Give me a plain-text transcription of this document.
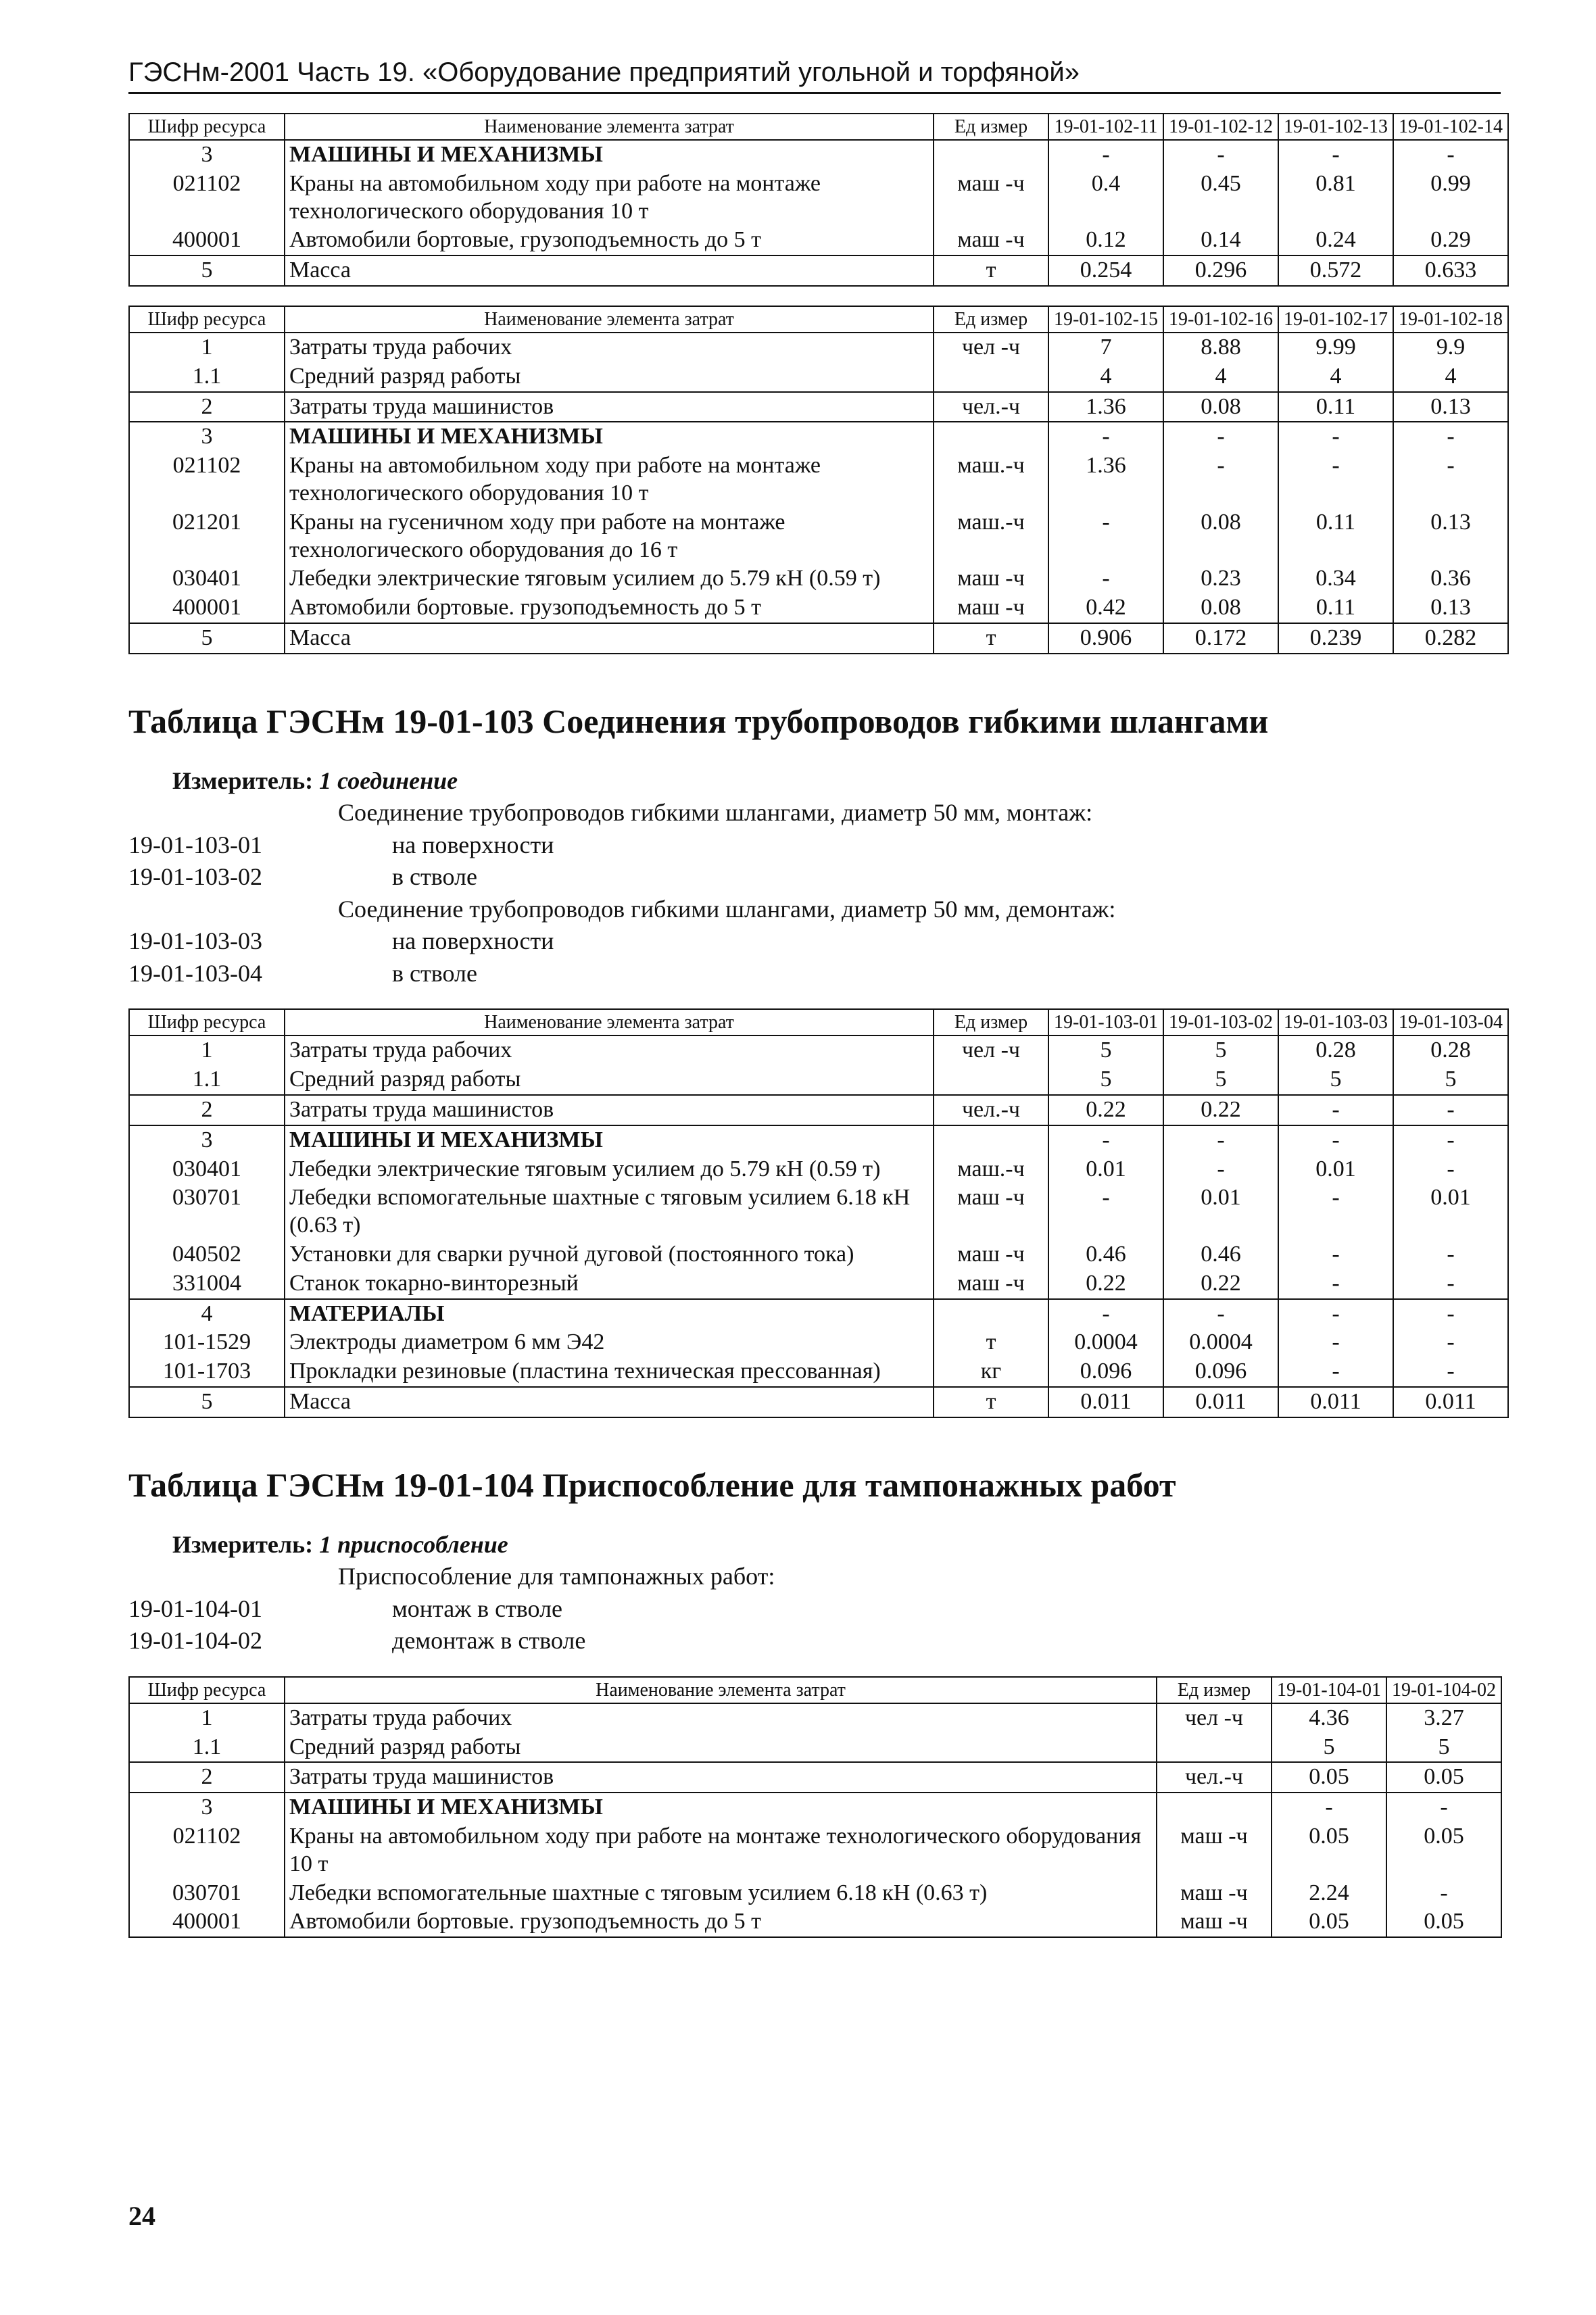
ГЭСНм-2001 Часть 19. «Оборудование предприятий угольной и торфяной»
Шифр ресурса	Наименование элемента затрат	Ед измер	19-01-102-11	19-01-102-12	19-01-102-13	19-01-102-14
3	МАШИНЫ И МЕХАНИЗМЫ		-	-	-	-
021102	Краны на автомобильном ходу при работе на монтаже технологического оборудования 10 т	маш -ч	0.4	0.45	0.81	0.99
400001	Автомобили бортовые, грузоподъемность до 5 т	маш -ч	0.12	0.14	0.24	0.29
5	Масса	т	0.254	0.296	0.572	0.633
Шифр ресурса	Наименование элемента затрат	Ед измер	19-01-102-15	19-01-102-16	19-01-102-17	19-01-102-18
1	Затраты труда рабочих	чел -ч	7	8.88	9.99	9.9
1.1	Средний разряд работы		4	4	4	4
2	Затраты труда машинистов	чел.-ч	1.36	0.08	0.11	0.13
3	МАШИНЫ И МЕХАНИЗМЫ		-	-	-	-
021102	Краны на автомобильном ходу при работе на монтаже технологического оборудования 10 т	маш.-ч	1.36	-	-	-
021201	Краны на гусеничном ходу при работе на монтаже технологического оборудования до 16 т	маш.-ч	-	0.08	0.11	0.13
030401	Лебедки электрические тяговым усилием до 5.79 кН (0.59 т)	маш -ч	-	0.23	0.34	0.36
400001	Автомобили бортовые. грузоподъемность до 5 т	маш -ч	0.42	0.08	0.11	0.13
5	Масса	т	0.906	0.172	0.239	0.282
Таблица ГЭСНм 19-01-103 Соединения трубопроводов гибкими шлангами
Измеритель: 1 соединение
Соединение трубопроводов гибкими шлангами, диаметр 50 мм, монтаж:
19-01-103-01	на поверхности
19-01-103-02	в стволе
Соединение трубопроводов гибкими шлангами, диаметр 50 мм, демонтаж:
19-01-103-03	на поверхности
19-01-103-04	в стволе
Шифр ресурса	Наименование элемента затрат	Ед измер	19-01-103-01	19-01-103-02	19-01-103-03	19-01-103-04
1	Затраты труда рабочих	чел -ч	5	5	0.28	0.28
1.1	Средний разряд работы		5	5	5	5
2	Затраты труда машинистов	чел.-ч	0.22	0.22	-	-
3	МАШИНЫ И МЕХАНИЗМЫ		-	-	-	-
030401	Лебедки электрические тяговым усилием до 5.79 кН (0.59 т)	маш.-ч	0.01	-	0.01	-
030701	Лебедки вспомогательные шахтные с тяговым усилием 6.18 кН (0.63 т)	маш -ч	-	0.01	-	0.01
040502	Установки для сварки ручной дуговой (постоянного тока)	маш -ч	0.46	0.46	-	-
331004	Станок токарно-винторезный	маш -ч	0.22	0.22	-	-
4	МАТЕРИАЛЫ		-	-	-	-
101-1529	Электроды диаметром 6 мм Э42	т	0.0004	0.0004	-	-
101-1703	Прокладки резиновые (пластина техническая прессованная)	кг	0.096	0.096	-	-
5	Масса	т	0.011	0.011	0.011	0.011
Таблица ГЭСНм 19-01-104 Приспособление для тампонажных работ
Измеритель: 1 приспособление
Приспособление для тампонажных работ:
19-01-104-01	монтаж в стволе
19-01-104-02	демонтаж в стволе
Шифр ресурса	Наименование элемента затрат	Ед измер	19-01-104-01	19-01-104-02
1	Затраты труда рабочих	чел -ч	4.36	3.27
1.1	Средний разряд работы		5	5
2	Затраты труда машинистов	чел.-ч	0.05	0.05
3	МАШИНЫ И МЕХАНИЗМЫ		-	-
021102	Краны на автомобильном ходу при работе на монтаже технологического оборудования 10 т	маш -ч	0.05	0.05
030701	Лебедки вспомогательные шахтные с тяговым усилием 6.18 кН (0.63 т)	маш -ч	2.24	-
400001	Автомобили бортовые. грузоподъемность до 5 т	маш -ч	0.05	0.05
24
